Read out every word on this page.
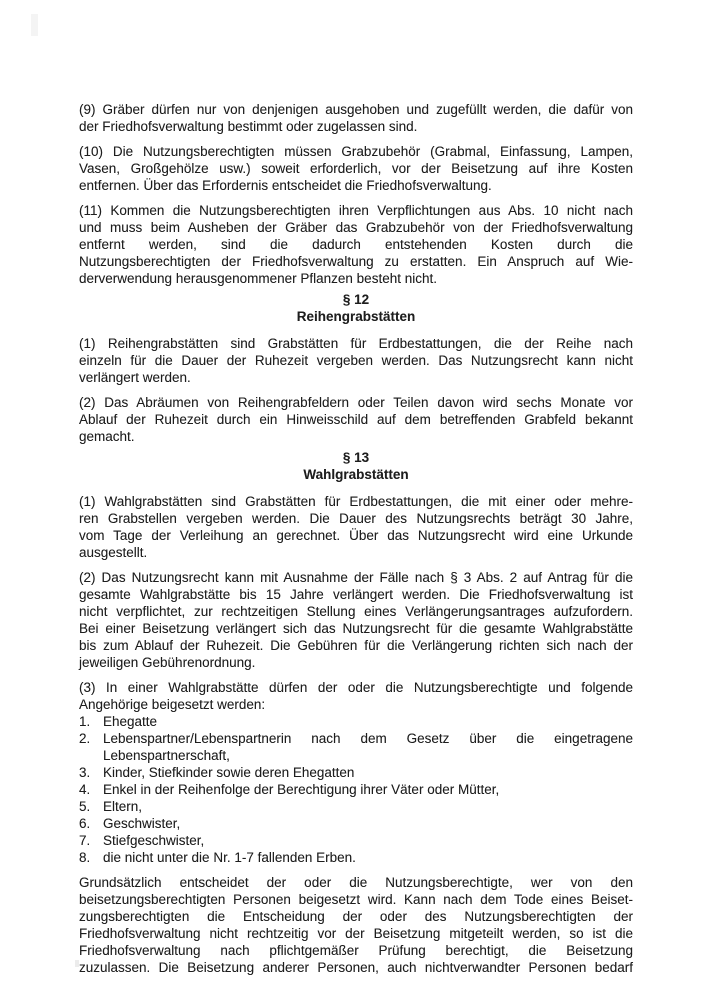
(9) Gräber dürfen nur von denjenigen ausgehoben und zugefüllt werden, die dafür von
der Friedhofsverwaltung bestimmt oder zugelassen sind.
(10) Die Nutzungsberechtigten müssen Grabzubehör (Grabmal, Einfassung, Lampen,
Vasen, Großgehölze usw.) soweit erforderlich, vor der Beisetzung auf ihre Kosten
entfernen. Über das Erfordernis entscheidet die Friedhofsverwaltung.
(11) Kommen die Nutzungsberechtigten ihren Verpflichtungen aus Abs. 10 nicht nach
und muss beim Ausheben der Gräber das Grabzubehör von der Friedhofsverwaltung
entfernt werden, sind die dadurch entstehenden Kosten durch die
Nutzungsberechtigten der Friedhofsverwaltung zu erstatten. Ein Anspruch auf Wie-
derverwendung herausgenommener Pflanzen besteht nicht.
§ 12
Reihengrabstätten
(1) Reihengrabstätten sind Grabstätten für Erdbestattungen, die der Reihe nach
einzeln für die Dauer der Ruhezeit vergeben werden. Das Nutzungsrecht kann nicht
verlängert werden.
(2) Das Abräumen von Reihengrabfeldern oder Teilen davon wird sechs Monate vor
Ablauf der Ruhezeit durch ein Hinweisschild auf dem betreffenden Grabfeld bekannt
gemacht.
§ 13
Wahlgrabstätten
(1) Wahlgrabstätten sind Grabstätten für Erdbestattungen, die mit einer oder mehre-
ren Grabstellen vergeben werden. Die Dauer des Nutzungsrechts beträgt 30 Jahre,
vom Tage der Verleihung an gerechnet. Über das Nutzungsrecht wird eine Urkunde
ausgestellt.
(2) Das Nutzungsrecht kann mit Ausnahme der Fälle nach § 3 Abs. 2 auf Antrag für die
gesamte Wahlgrabstätte bis 15 Jahre verlängert werden. Die Friedhofsverwaltung ist
nicht verpflichtet, zur rechtzeitigen Stellung eines Verlängerungsantrages aufzufordern.
Bei einer Beisetzung verlängert sich das Nutzungsrecht für die gesamte Wahlgrabstätte
bis zum Ablauf der Ruhezeit. Die Gebühren für die Verlängerung richten sich nach der
jeweiligen Gebührenordnung.
(3) In einer Wahlgrabstätte dürfen der oder die Nutzungsberechtigte und folgende
Angehörige beigesetzt werden:
1. Ehegatte
2. Lebenspartner/Lebenspartnerin nach dem Gesetz über die eingetragene
Lebenspartnerschaft,
3. Kinder, Stiefkinder sowie deren Ehegatten
4. Enkel in der Reihenfolge der Berechtigung ihrer Väter oder Mütter,
5. Eltern,
6. Geschwister,
7. Stiefgeschwister,
8. die nicht unter die Nr. 1-7 fallenden Erben.
Grundsätzlich entscheidet der oder die Nutzungsberechtigte, wer von den
beisetzungsberechtigten Personen beigesetzt wird. Kann nach dem Tode eines Beiset-
zungsberechtigten die Entscheidung der oder des Nutzungsberechtigten der
Friedhofsverwaltung nicht rechtzeitig vor der Beisetzung mitgeteilt werden, so ist die
Friedhofsverwaltung nach pflichtgemäßer Prüfung berechtigt, die Beisetzung
zuzulassen. Die Beisetzung anderer Personen, auch nichtverwandter Personen bedarf
